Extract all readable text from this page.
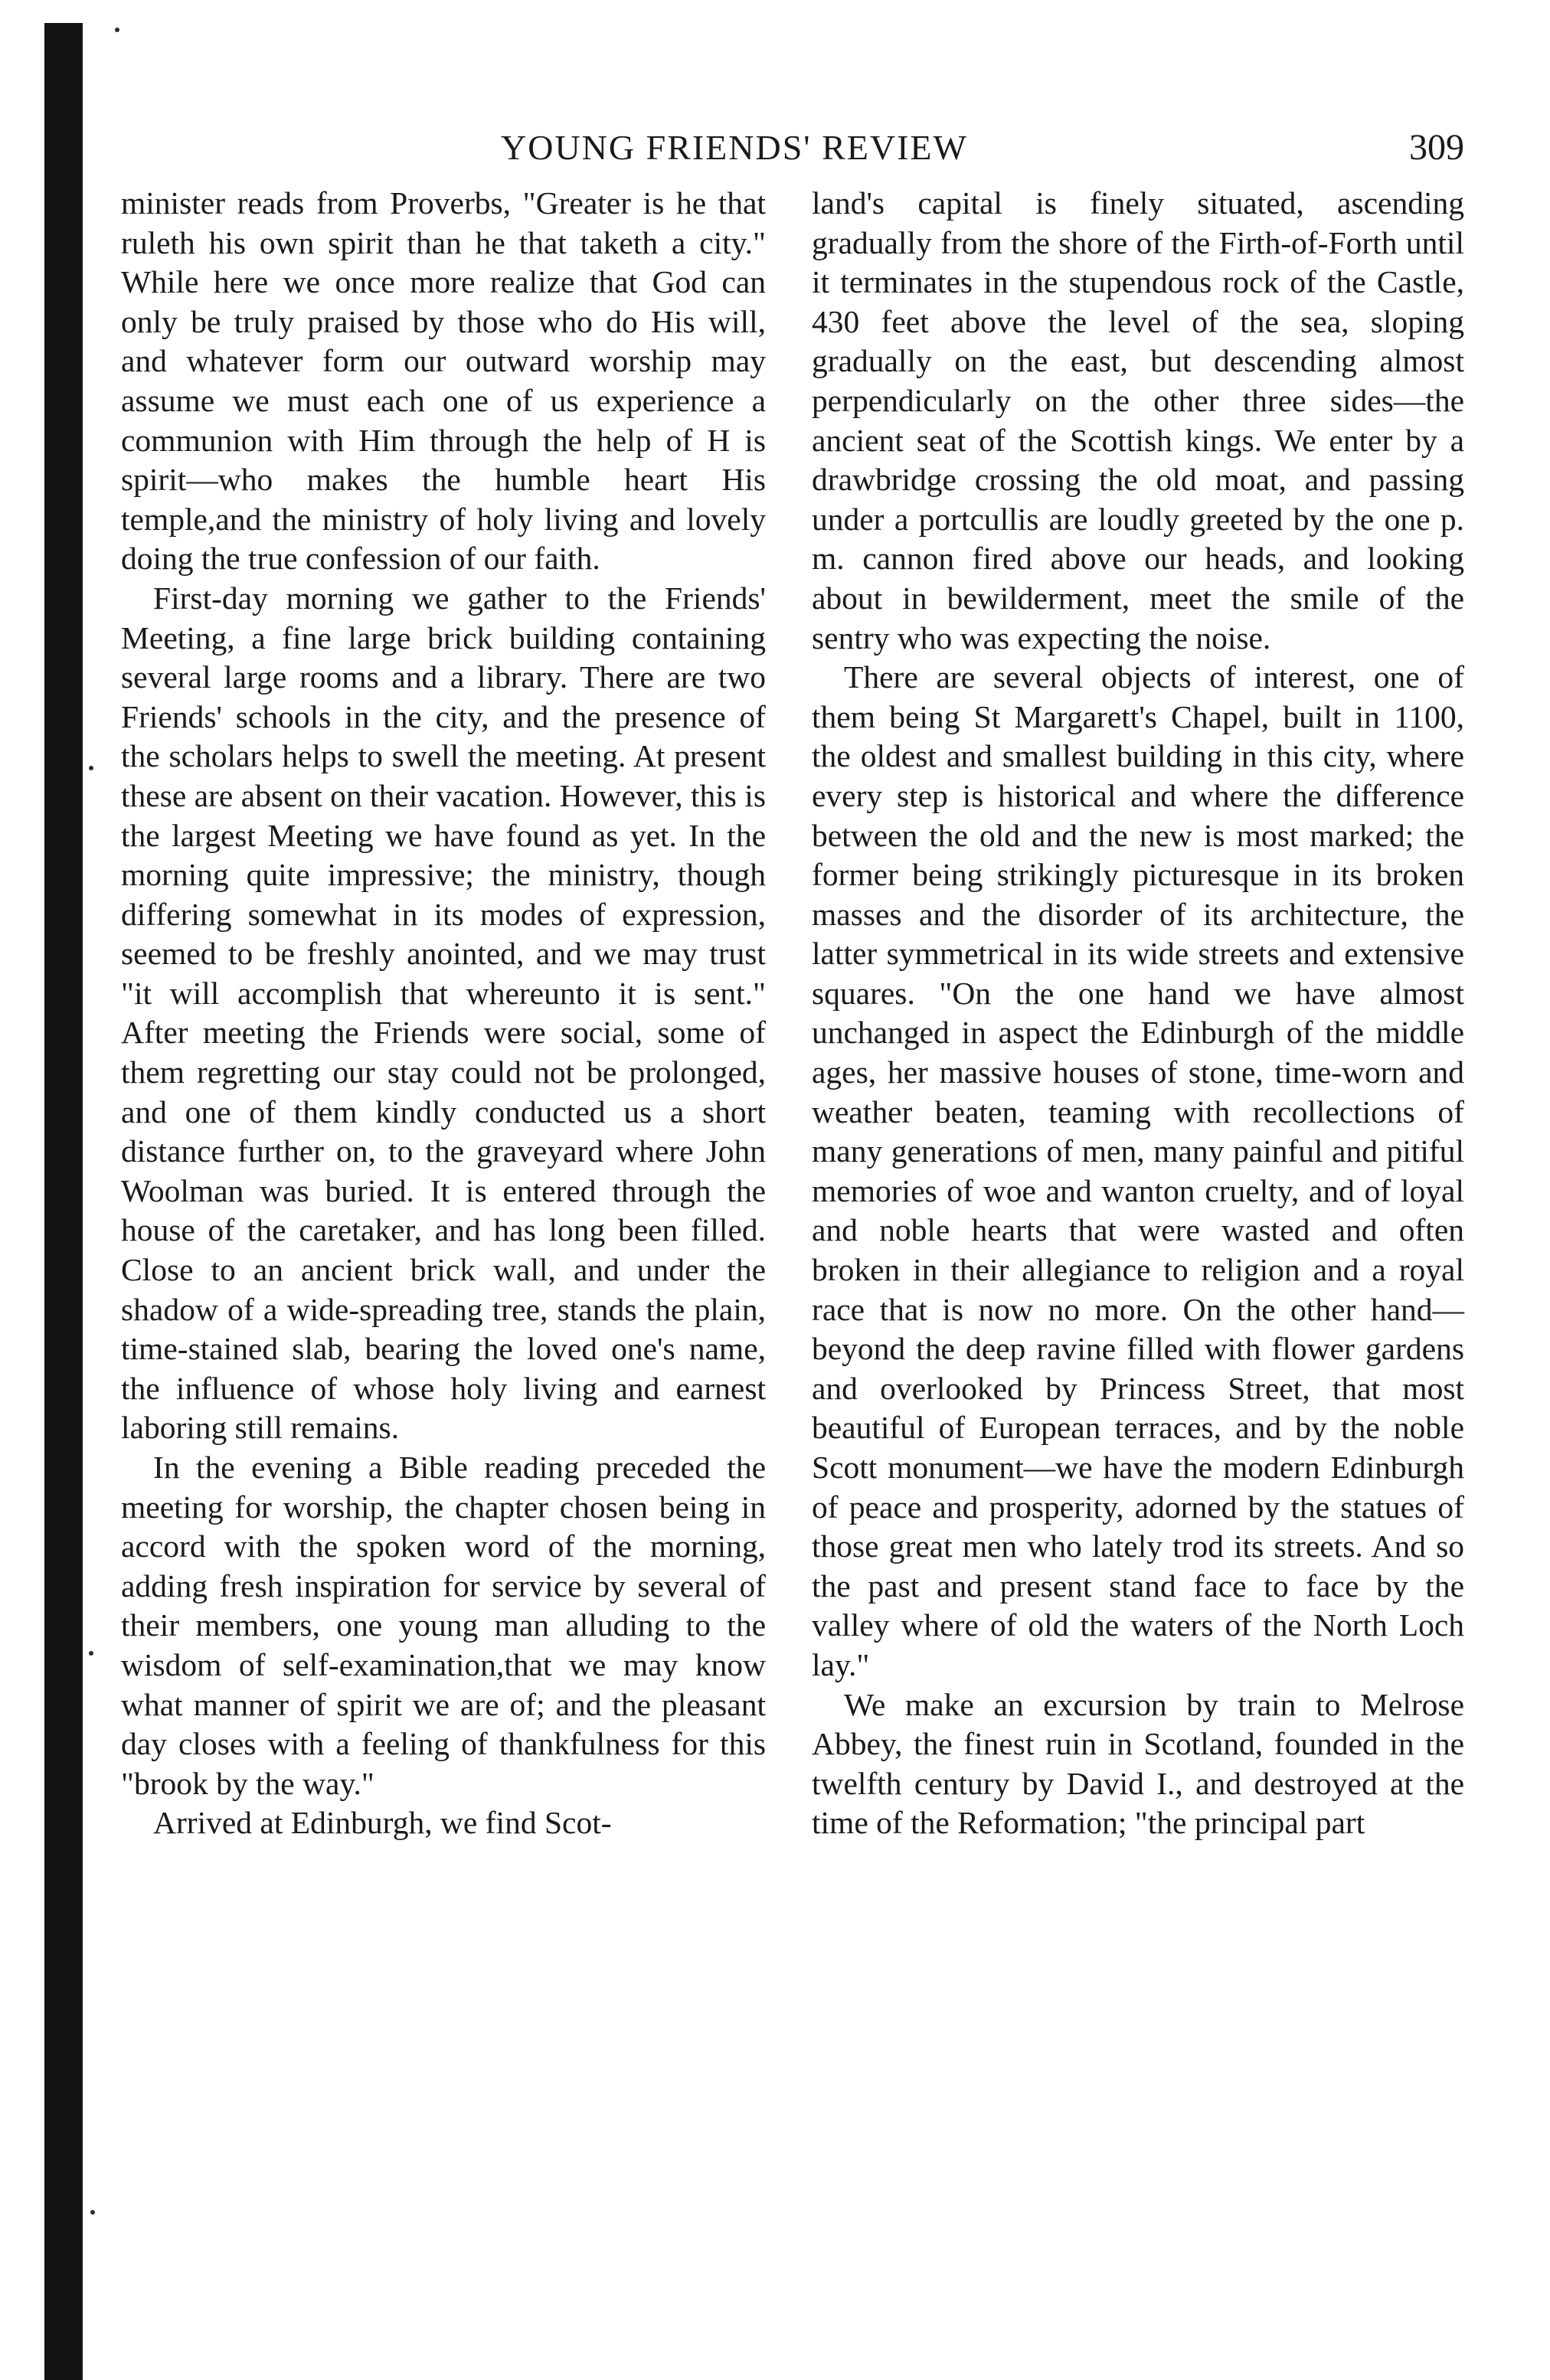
YOUNG FRIENDS' REVIEW	309

minister reads from Proverbs, "Greater is he that ruleth his own spirit than he that taketh a city." While here we once more realize that God can only be truly praised by those who do His will, and whatever form our outward worship may assume we must each one of us experience a communion with Him through the help of H is spirit—who makes the humble heart His temple,and the ministry of holy living and lovely doing the true confession of our faith.

First-day morning we gather to the Friends' Meeting, a fine large brick building containing several large rooms and a library. There are two Friends' schools in the city, and the presence of the scholars helps to swell the meeting. At present these are absent on their vacation. However, this is the largest Meeting we have found as yet. In the morning quite impressive; the ministry, though differing somewhat in its modes of expression, seemed to be freshly anointed, and we may trust "it will accomplish that whereunto it is sent." After meeting the Friends were social, some of them regretting our stay could not be prolonged, and one of them kindly conducted us a short distance further on, to the graveyard where John Woolman was buried. It is entered through the house of the caretaker, and has long been filled. Close to an ancient brick wall, and under the shadow of a wide-spreading tree, stands the plain, time-stained slab, bearing the loved one's name, the influence of whose holy living and earnest laboring still remains.

In the evening a Bible reading preceded the meeting for worship, the chapter chosen being in accord with the spoken word of the morning, adding fresh inspiration for service by several of their members, one young man alluding to the wisdom of self-examination,that we may know what manner of spirit we are of; and the pleasant day closes with a feeling of thankfulness for this "brook by the way."

Arrived at Edinburgh, we find Scot-

land's capital is finely situated, ascending gradually from the shore of the Firth-of-Forth until it terminates in the stupendous rock of the Castle, 430 feet above the level of the sea, sloping gradually on the east, but descending almost perpendicularly on the other three sides—the ancient seat of the Scottish kings. We enter by a drawbridge crossing the old moat, and passing under a portcullis are loudly greeted by the one p. m. cannon fired above our heads, and looking about in bewilderment, meet the smile of the sentry who was expecting the noise.

There are several objects of interest, one of them being St Margarett's Chapel, built in 1100, the oldest and smallest building in this city, where every step is historical and where the difference between the old and the new is most marked; the former being strikingly picturesque in its broken masses and the disorder of its architecture, the latter symmetrical in its wide streets and extensive squares. "On the one hand we have almost unchanged in aspect the Edinburgh of the middle ages, her massive houses of stone, time-worn and weather beaten, teaming with recollections of many generations of men, many painful and pitiful memories of woe and wanton cruelty, and of loyal and noble hearts that were wasted and often broken in their allegiance to religion and a royal race that is now no more. On the other hand—beyond the deep ravine filled with flower gardens and overlooked by Princess Street, that most beautiful of European terraces, and by the noble Scott monument—we have the modern Edinburgh of peace and prosperity, adorned by the statues of those great men who lately trod its streets. And so the past and present stand face to face by the valley where of old the waters of the North Loch lay."

We make an excursion by train to Melrose Abbey, the finest ruin in Scotland, founded in the twelfth century by David I., and destroyed at the time of the Reformation; "the principal part
